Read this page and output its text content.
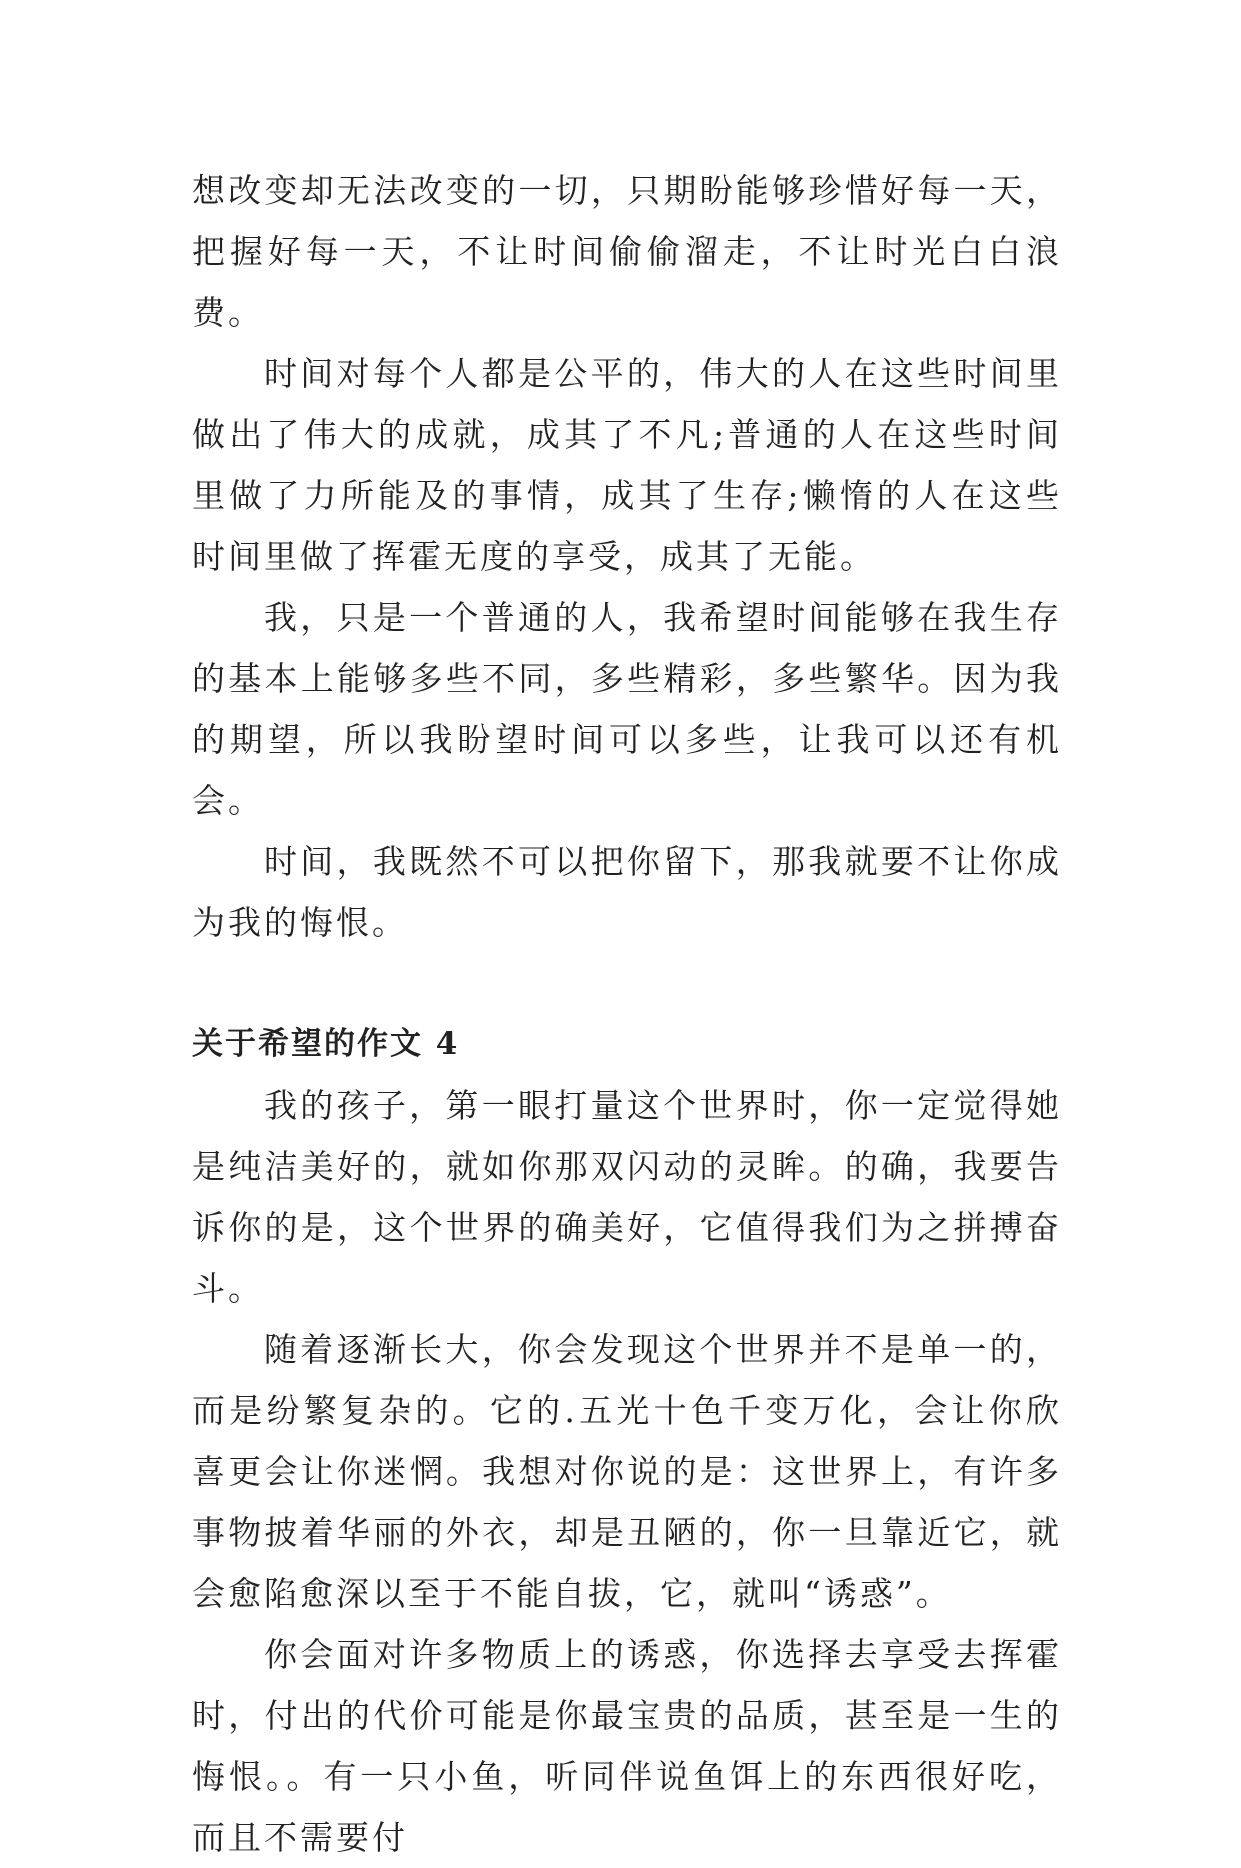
想改变却无法改变的一切，只期盼能够珍惜好每一天，把握好每一天，不让时间偷偷溜走，不让时光白白浪费。

时间对每个人都是公平的，伟大的人在这些时间里做出了伟大的成就，成其了不凡;普通的人在这些时间里做了力所能及的事情，成其了生存;懒惰的人在这些时间里做了挥霍无度的享受，成其了无能。

我，只是一个普通的人，我希望时间能够在我生存的基本上能够多些不同，多些精彩，多些繁华。因为我的期望，所以我盼望时间可以多些，让我可以还有机会。

时间，我既然不可以把你留下，那我就要不让你成为我的悔恨。

关于希望的作文 4

我的孩子，第一眼打量这个世界时，你一定觉得她是纯洁美好的，就如你那双闪动的灵眸。的确，我要告诉你的是，这个世界的确美好，它值得我们为之拼搏奋斗。

随着逐渐长大，你会发现这个世界并不是单一的，而是纷繁复杂的。它的.五光十色千变万化，会让你欣喜更会让你迷惘。我想对你说的是：这世界上，有许多事物披着华丽的外衣，却是丑陋的，你一旦靠近它，就会愈陷愈深以至于不能自拔，它，就叫“诱惑”。

你会面对许多物质上的诱惑，你选择去享受去挥霍时，付出的代价可能是你最宝贵的品质，甚至是一生的悔恨。。有一只小鱼，听同伴说鱼饵上的东西很好吃，而且不需要付
